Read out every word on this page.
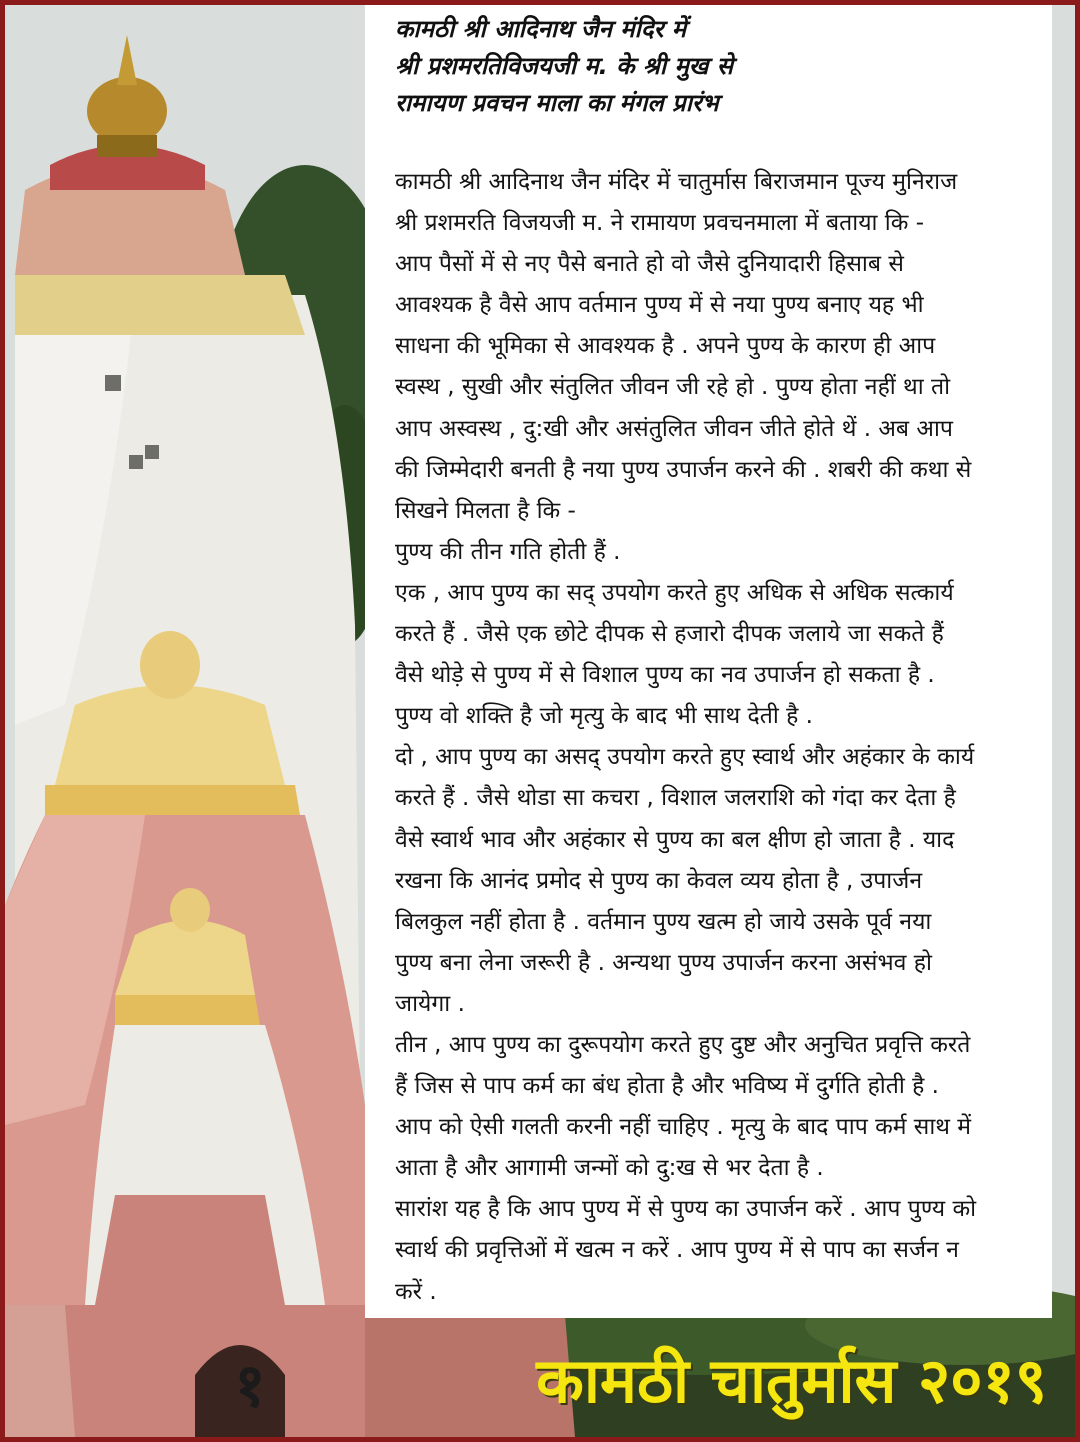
कामठी श्री आदिनाथ जैन मंदिर में
श्री प्रशमरतिविजयजी म. के श्री मुख से
रामायण प्रवचन माला का मंगल प्रारंभ

कामठी श्री आदिनाथ जैन मंदिर में चातुर्मास बिराजमान पूज्य मुनिराज

श्री प्रशमरति विजयजी म. ने रामायण प्रवचनमाला में बताया कि -

आप पैसों में से नए पैसे बनाते हो वो जैसे दुनियादारी हिसाब से

आवश्यक है वैसे आप वर्तमान पुण्य में से नया पुण्य बनाए यह भी

साधना की भूमिका से आवश्यक है . अपने पुण्य के कारण ही आप

स्वस्थ , सुखी और संतुलित जीवन जी रहे हो . पुण्य होता नहीं था तो

आप अस्वस्थ , दु:खी और असंतुलित जीवन जीते होते थें . अब आप

की जिम्मेदारी बनती है नया पुण्य उपार्जन करने की . शबरी की कथा से

सिखने मिलता है कि -

पुण्य की तीन गति होती हैं .

एक , आप पुण्य का सद् उपयोग करते हुए अधिक से अधिक सत्कार्य

करते हैं . जैसे एक छोटे दीपक से हजारो दीपक जलाये जा सकते हैं

वैसे थोड़े से पुण्य में से विशाल पुण्य का नव उपार्जन हो सकता है .

पुण्य वो शक्ति है जो मृत्यु के बाद भी साथ देती है .

दो , आप पुण्य का असद् उपयोग करते हुए स्वार्थ और अहंकार के कार्य

करते हैं . जैसे थोडा सा कचरा , विशाल जलराशि को गंदा कर देता है

वैसे स्वार्थ भाव और अहंकार से पुण्य का बल क्षीण हो जाता है . याद

रखना कि आनंद प्रमोद से पुण्य का केवल व्यय होता है , उपार्जन

बिलकुल नहीं होता है . वर्तमान पुण्य खत्म हो जाये उसके पूर्व नया

पुण्य बना लेना जरूरी है . अन्यथा पुण्य उपार्जन करना असंभव हो

जायेगा .

तीन , आप पुण्य का दुरूपयोग करते हुए दुष्ट और अनुचित प्रवृत्ति करते

हैं जिस से पाप कर्म का बंध होता है और भविष्य में दुर्गति होती है .

आप को ऐसी गलती करनी नहीं चाहिए . मृत्यु के बाद पाप कर्म साथ में

आता है और आगामी जन्मों को दु:ख से भर देता है .

सारांश यह है कि आप पुण्य में से पुण्य का उपार्जन करें . आप पुण्य को

स्वार्थ की प्रवृत्तिओं में खत्म न करें . आप पुण्य में से पाप का सर्जन न

करें .

१	कामठी चातुर्मास २०१९
